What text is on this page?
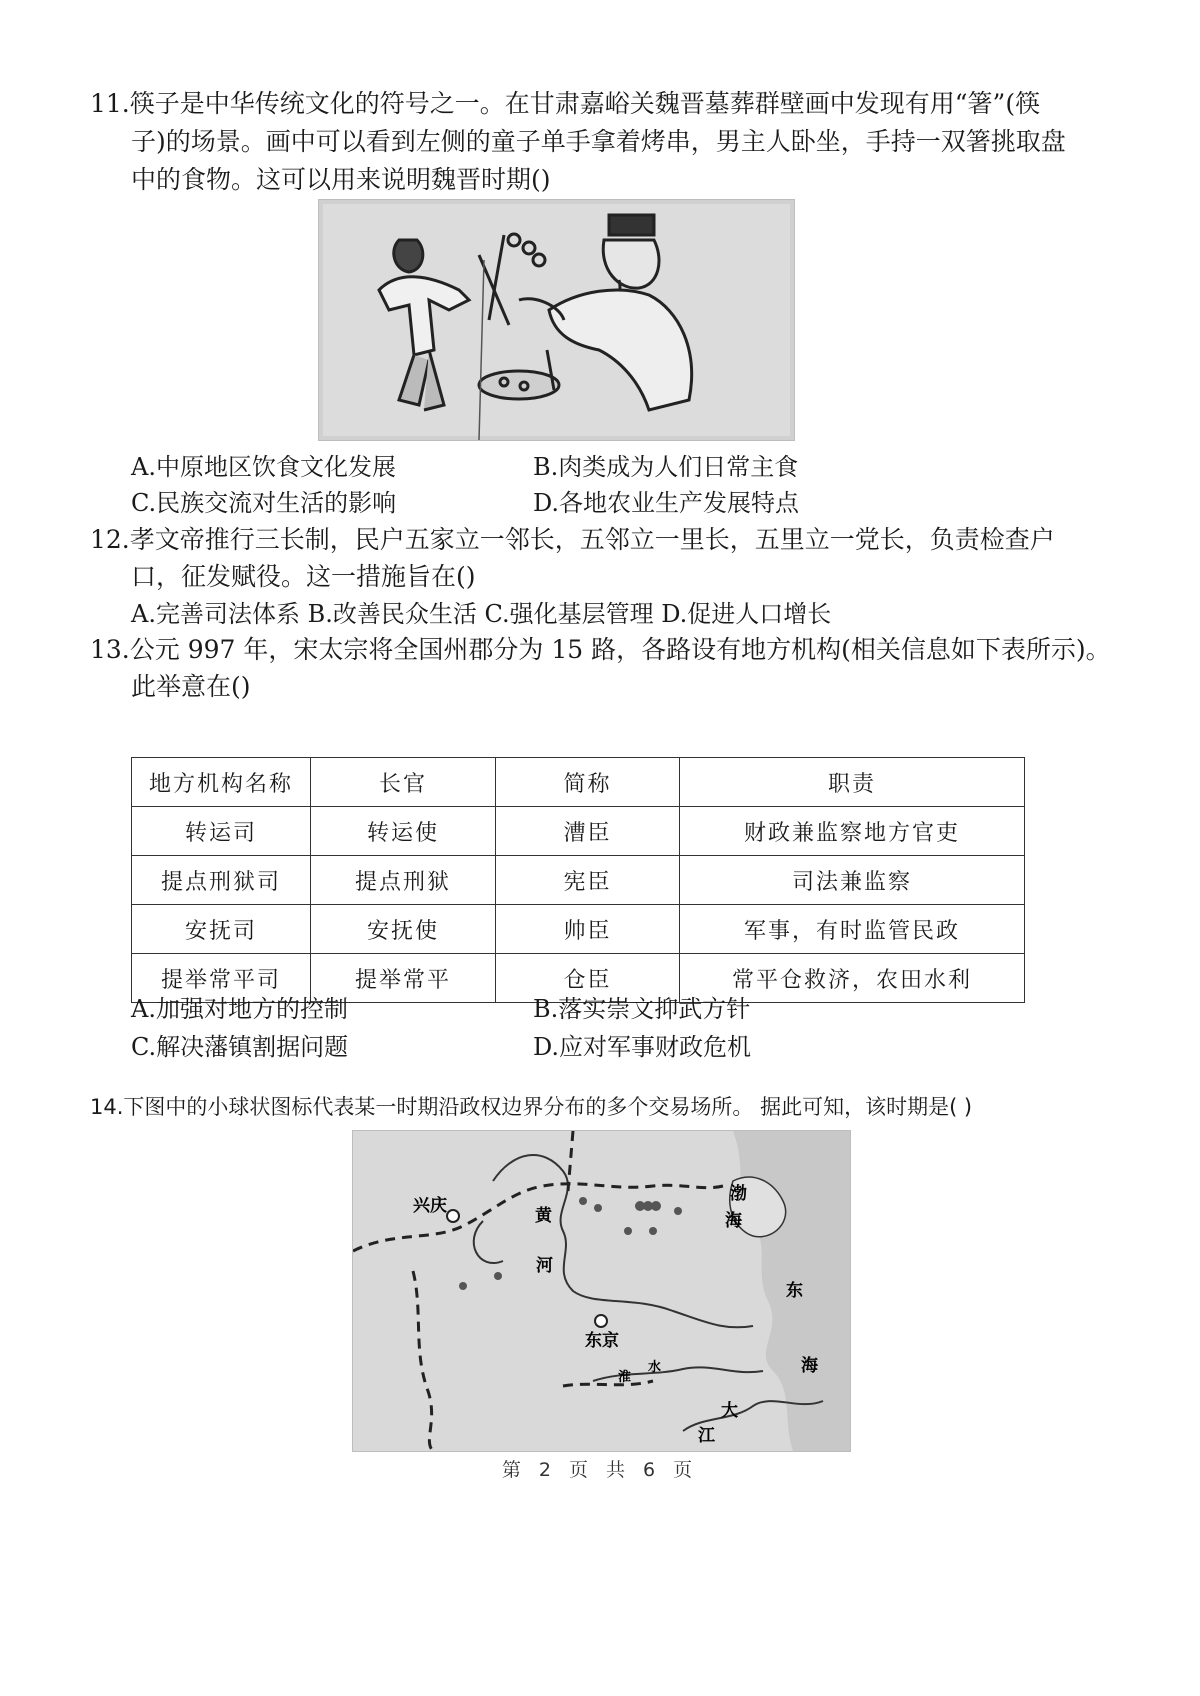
11.筷子是中华传统文化的符号之一。在甘肃嘉峪关魏晋墓葬群壁画中发现有用“箸”(筷
子)的场景。画中可以看到左侧的童子单手拿着烤串，男主人卧坐，手持一双箸挑取盘
中的食物。这可以用来说明魏晋时期()
A.中原地区饮食文化发展	B.肉类成为人们日常主食
C.民族交流对生活的影响	D.各地农业生产发展特点
12.孝文帝推行三长制，民户五家立一邻长，五邻立一里长，五里立一党长，负责检查户
口，征发赋役。这一措施旨在()
A.完善司法体系 B.改善民众生活 C.强化基层管理 D.促进人口增长
13.公元 997 年，宋太宗将全国州郡分为 15 路，各路设有地方机构(相关信息如下表所示)。
此举意在()
地方机构名称	长官	简称	职责
转运司	转运使	漕臣	财政兼监察地方官吏
提点刑狱司	提点刑狱	宪臣	司法兼监察
安抚司	安抚使	帅臣	军事，有时监管民政
提举常平司	提举常平	仓臣	常平仓救济，农田水利
A.加强对地方的控制	B.落实崇文抑武方针
C.解决藩镇割据问题	D.应对军事财政危机
14.下图中的小球状图标代表某一时期沿政权边界分布的多个交易场所。 据此可知，该时期是( )
兴庆	黄
河
东京
渤
海
东
海
淮
水
大
江
第 2 页 共 6 页
